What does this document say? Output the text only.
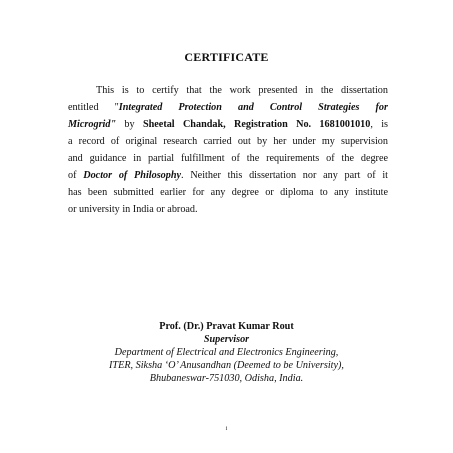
CERTIFICATE
This is to certify that the work presented in the dissertation
entitled "Integrated Protection and Control Strategies for
Microgrid" by Sheetal Chandak, Registration No. 1681001010, is
a record of original research carried out by her under my supervision
and guidance in partial fulfillment of the requirements of the degree
of Doctor of Philosophy. Neither this dissertation nor any part of it
has been submitted earlier for any degree or diploma to any institute
or university in India or abroad.
Prof. (Dr.) Pravat Kumar Rout
Supervisor
Department of Electrical and Electronics Engineering,
ITER, Siksha ‘O’ Anusandhan (Deemed to be University),
Bhubaneswar-751030, Odisha, India.
i
